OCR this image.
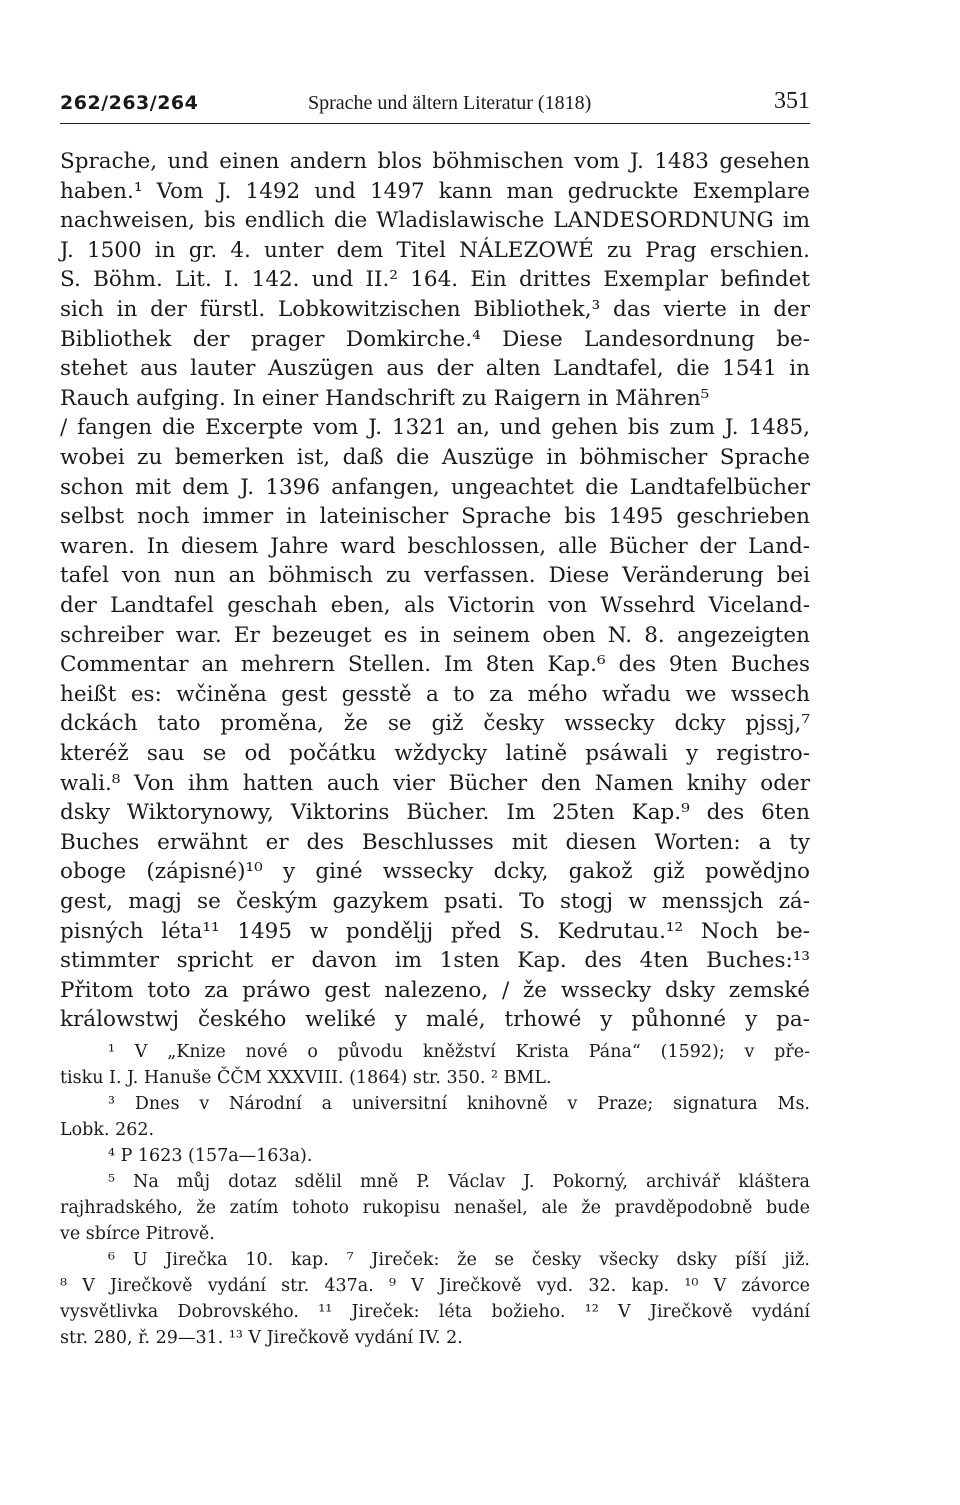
262/263/264	Sprache und ältern Literatur (1818)	351
Sprache, und einen andern blos böhmischen vom J. 1483 gesehen
haben.¹ Vom J. 1492 und 1497 kann man gedruckte Exemplare
nachweisen, bis endlich die Wladislawische LANDESORDNUNG im
J. 1500 in gr. 4. unter dem Titel NÁLEZOWÉ zu Prag erschien.
S. Böhm. Lit. I. 142. und II.² 164. Ein drittes Exemplar befindet
sich in der fürstl. Lobkowitzischen Bibliothek,³ das vierte in der
Bibliothek der prager Domkirche.⁴ Diese Landesordnung be-
stehet aus lauter Auszügen aus der alten Landtafel, die 1541 in
Rauch aufging. In einer Handschrift zu Raigern in Mähren⁵
/ fangen die Excerpte vom J. 1321 an, und gehen bis zum J. 1485,
wobei zu bemerken ist, daß die Auszüge in böhmischer Sprache
schon mit dem J. 1396 anfangen, ungeachtet die Landtafelbücher
selbst noch immer in lateinischer Sprache bis 1495 geschrieben
waren. In diesem Jahre ward beschlossen, alle Bücher der Land-
tafel von nun an böhmisch zu verfassen. Diese Veränderung bei
der Landtafel geschah eben, als Victorin von Wssehrd Viceland-
schreiber war. Er bezeuget es in seinem oben N. 8. angezeigten
Commentar an mehrern Stellen. Im 8ten Kap.⁶ des 9ten Buches
heißt es: wčiněna gest gesstě a to za mého wřadu we wssech
dckách tato proměna, že se giž česky wssecky dcky pjssj,⁷
kteréž sau se od počátku wždycky latině psáwali y registro-
wali.⁸ Von ihm hatten auch vier Bücher den Namen knihy oder
dsky Wiktorynowy, Viktorins Bücher. Im 25ten Kap.⁹ des 6ten
Buches erwähnt er des Beschlusses mit diesen Worten: a ty
oboge (zápisné)¹⁰ y giné wssecky dcky, gakož giž powědjno
gest, magj se českým gazykem psati. To stogj w menssjch zá-
pisných léta¹¹ 1495 w ponděljj před S. Kedrutau.¹² Noch be-
stimmter spricht er davon im 1sten Kap. des 4ten Buches:¹³
Přitom toto za práwo gest nalezeno, / že wssecky dsky zemské
králowstwj českého weliké y malé, trhowé y půhonné y pa-
¹ V „Knize nové o původu kněžství Krista Pána“ (1592); v pře-
tisku I. J. Hanuše ČČM XXXVIII. (1864) str. 350. ² BML.
³ Dnes v Národní a universitní knihovně v Praze; signatura Ms.
Lobk. 262.
⁴ P 1623 (157a—163a).
⁵ Na můj dotaz sdělil mně P. Václav J. Pokorný, archivář kláštera
rajhradského, že zatím tohoto rukopisu nenašel, ale že pravděpodobně bude
ve sbírce Pitrově.
⁶ U Jirečka 10. kap. ⁷ Jireček: že se česky všecky dsky píší již.
⁸ V Jirečkově vydání str. 437a. ⁹ V Jirečkově vyd. 32. kap. ¹⁰ V závorce
vysvětlivka Dobrovského. ¹¹ Jireček: léta božieho. ¹² V Jirečkově vydání
str. 280, ř. 29—31. ¹³ V Jirečkově vydání IV. 2.
